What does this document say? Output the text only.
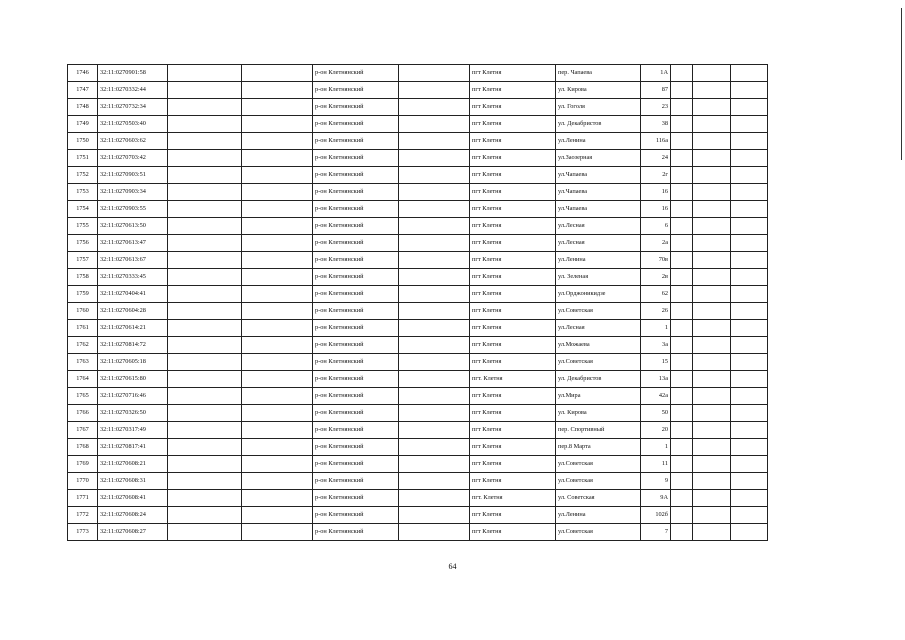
1746	32:11:0270901:58			р-он Клетнянский		пгт Клетня	пер. Чапаева	1А			
1747	32:11:0270332:44			р-он Клетнянский		пгт Клетня	ул. Кирова	87			
1748	32:11:0270732:34			р-он Клетнянский		пгт Клетня	ул. Гоголя	23			
1749	32:11:0270503:40			р-он Клетнянский		пгт Клетня	ул. Декабристов	38			
1750	32:11:0270603:62			р-он Клетнянский		пгт Клетня	ул.Ленина	116а			
1751	32:11:0270703:42			р-он Клетнянский		пгт Клетня	ул.Заозерная	24			
1752	32:11:0270903:51			р-он Клетнянский		пгт Клетня	ул.Чапаева	2г			
1753	32:11:0270903:34			р-он Клетнянский		пгт Клетня	ул.Чапаева	16			
1754	32:11:0270903:55			р-он Клетнянский		пгт Клетня	ул.Чапаева	16			
1755	32:11:0270613:50			р-он Клетнянский		пгт Клетня	ул.Лесная	6			
1756	32:11:0270613:47			р-он Клетнянский		пгт Клетня	ул.Лесная	2а			
1757	32:11:0270613:67			р-он Клетнянский		пгт Клетня	ул.Ленина	70в			
1758	32:11:0270333:45			р-он Клетнянский		пгт Клетня	ул. Зеленая	2в			
1759	32:11:0270404:41			р-он Клетнянский		пгт Клетня	ул.Орджоникидзе	62			
1760	32:11:0270604:28			р-он Клетнянский		пгт Клетня	ул.Советская	26			
1761	32:11:0270614:21			р-он Клетнянский		пгт Клетня	ул.Лесная	1			
1762	32:11:0270814:72			р-он Клетнянский		пгт Клетня	ул.Можаева	3а			
1763	32:11:0270605:18			р-он Клетнянский		пгт Клетня	ул.Советская	15			
1764	32:11:0270615:80			р-он Клетнянский		пгт. Клетня	ул. Декабристов	13а			
1765	32:11:0270716:46			р-он Клетнянский		пгт Клетня	ул.Мира	42а			
1766	32:11:0270326:50			р-он Клетнянский		пгт Клетня	ул. Кирова	50			
1767	32:11:0270317:49			р-он Клетнянский		пгт Клетня	пер. Спортивный	20			
1768	32:11:0270817:41			р-он Клетнянский		пгт Клетня	пер.8 Марта	1			
1769	32:11:0270608:21			р-он Клетнянский		пгт Клетня	ул.Советская	11			
1770	32:11:0270608:31			р-он Клетнянский		пгт Клетня	ул.Советская	9			
1771	32:11:0270608:41			р-он Клетнянский		пгт. Клетня	ул. Советская	9А			
1772	32:11:0270608:24			р-он Клетнянский		пгт Клетня	ул.Ленина	102б			
1773	32:11:0270608:27			р-он Клетнянский		пгт Клетня	ул.Советская	7			
64
